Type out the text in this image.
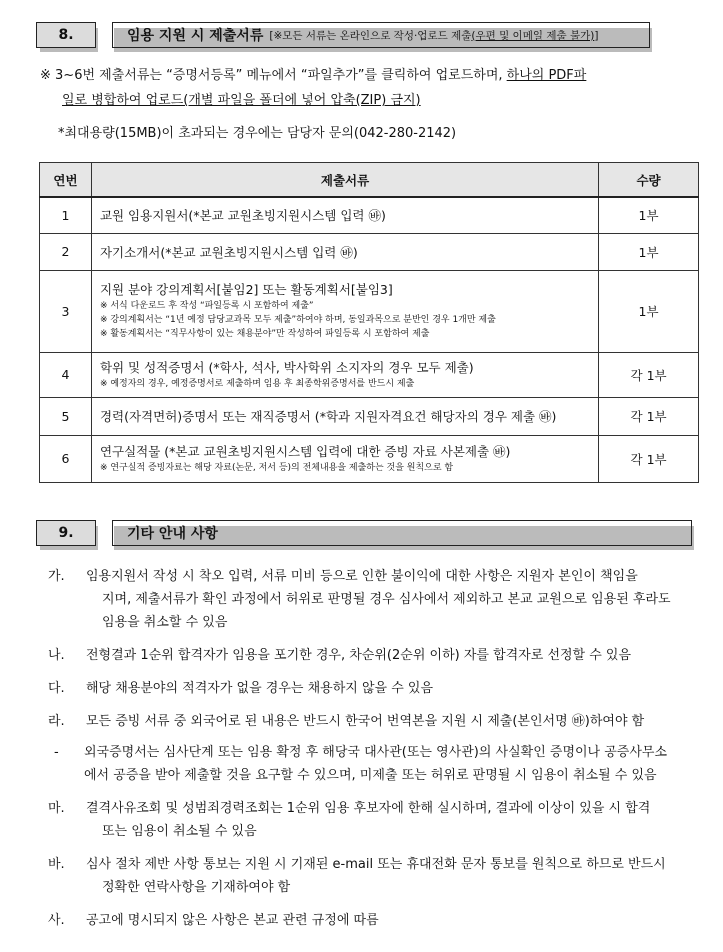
8.	임용 지원 시 제출서류 [※모든 서류는 온라인으로 작성·업로드 제출(우편 및 이메일 제출 불가)]
※ 3~6번 제출서류는 “증명서등록” 메뉴에서 “파일추가”를 클릭하여 업로드하며, 하나의 PDF파
일로 병합하여 업로드(개별 파일을 폴더에 넣어 압축(ZIP) 금지)
*최대용량(15MB)이 초과되는 경우에는 담당자 문의(042-280-2142)
연번	제출서류	수량
1	교원 임용지원서(*본교 교원초빙지원시스템 입력 ㉳)	1부
2	자기소개서(*본교 교원초빙지원시스템 입력 ㉳)	1부
3	지원 분야 강의계획서[붙임2] 또는 활동계획서[붙임3]
※ 서식 다운로드 후 작성 “파일등록 시 포함하여 제출”
※ 강의계획서는 “1년 예정 담당교과목 모두 제출”하여야 하며, 동일과목으로 분반인 경우 1개만 제출
※ 활동계획서는 “직무사항이 있는 채용분야”만 작성하여 파일등록 시 포함하여 제출	1부
4	학위 및 성적증명서 (*학사, 석사, 박사학위 소지자의 경우 모두 제출)
※ 예정자의 경우, 예정증명서로 제출하며 임용 후 최종학위증명서를 반드시 제출	각 1부
5	경력(자격면허)증명서 또는 재직증명서 (*학과 지원자격요건 해당자의 경우 제출 ㉳)	각 1부
6	연구실적물 (*본교 교원초빙지원시스템 입력에 대한 증빙 자료 사본제출 ㉳)
※ 연구실적 증빙자료는 해당 자료(논문, 저서 등)의 전체내용을 제출하는 것을 원칙으로 함	각 1부
9.	기타 안내 사항
가. 임용지원서 작성 시 착오 입력, 서류 미비 등으로 인한 불이익에 대한 사항은 지원자 본인이 책임을
지며, 제출서류가 확인 과정에서 허위로 판명될 경우 심사에서 제외하고 본교 교원으로 임용된 후라도
임용을 취소할 수 있음
나. 전형결과 1순위 합격자가 임용을 포기한 경우, 차순위(2순위 이하) 자를 합격자로 선정할 수 있음
다. 해당 채용분야의 적격자가 없을 경우는 채용하지 않을 수 있음
라. 모든 증빙 서류 중 외국어로 된 내용은 반드시 한국어 번역본을 지원 시 제출(본인서명 ㉳)하여야 함
- 외국증명서는 심사단계 또는 임용 확정 후 해당국 대사관(또는 영사관)의 사실확인 증명이나 공증사무소
에서 공증을 받아 제출할 것을 요구할 수 있으며, 미제출 또는 허위로 판명될 시 임용이 취소될 수 있음
마. 결격사유조회 및 성범죄경력조회는 1순위 임용 후보자에 한해 실시하며, 결과에 이상이 있을 시 합격
또는 임용이 취소될 수 있음
바. 심사 절차 제반 사항 통보는 지원 시 기재된 e-mail 또는 휴대전화 문자 통보를 원칙으로 하므로 반드시
정확한 연락사항을 기재하여야 함
사. 공고에 명시되지 않은 사항은 본교 관련 규정에 따름
